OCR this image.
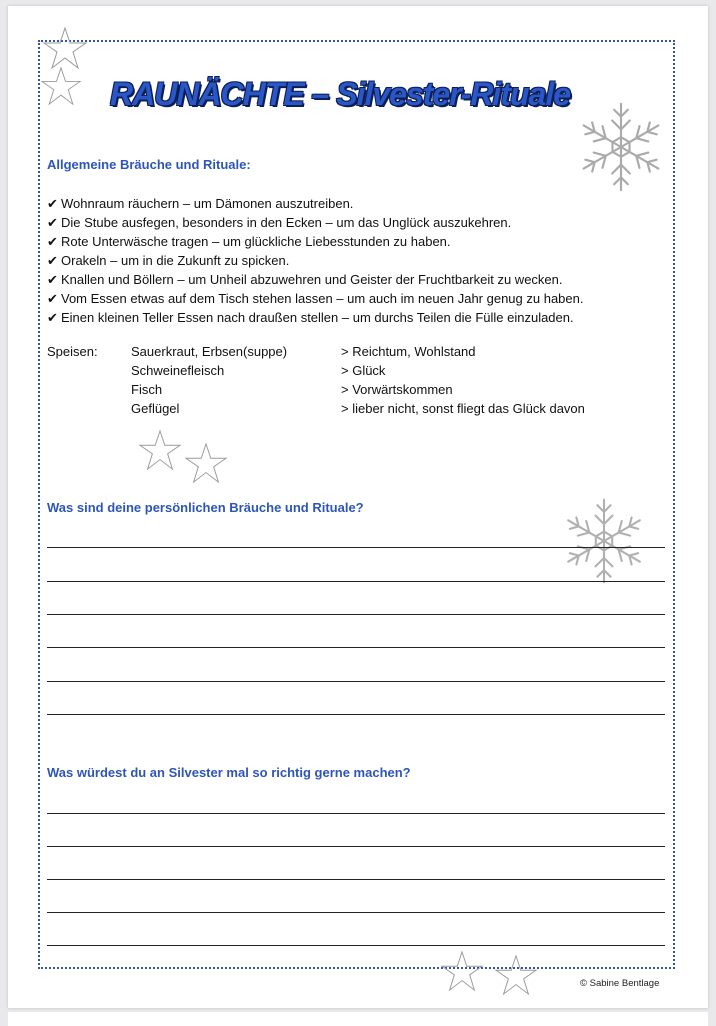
RAUNÄCHTE – Silvester-Rituale
Allgemeine Bräuche und Rituale:
✔ Wohnraum räuchern – um Dämonen auszutreiben.
✔ Die Stube ausfegen, besonders in den Ecken – um das Unglück auszukehren.
✔ Rote Unterwäsche tragen – um glückliche Liebesstunden zu haben.
✔ Orakeln – um in die Zukunft zu spicken.
✔ Knallen und Böllern – um Unheil abzuwehren und Geister der Fruchtbarkeit zu wecken.
✔ Vom Essen etwas auf dem Tisch stehen lassen – um auch im neuen Jahr genug zu haben.
✔ Einen kleinen Teller Essen nach draußen stellen – um durchs Teilen die Fülle einzuladen.
Speisen:	Sauerkraut, Erbsen(suppe)	> Reichtum, Wohlstand
Schweinefleisch	> Glück
Fisch	> Vorwärtskommen
Geflügel	> lieber nicht, sonst fliegt das Glück davon
Was sind deine persönlichen Bräuche und Rituale?
Was würdest du an Silvester mal so richtig gerne machen?
© Sabine Bentlage
